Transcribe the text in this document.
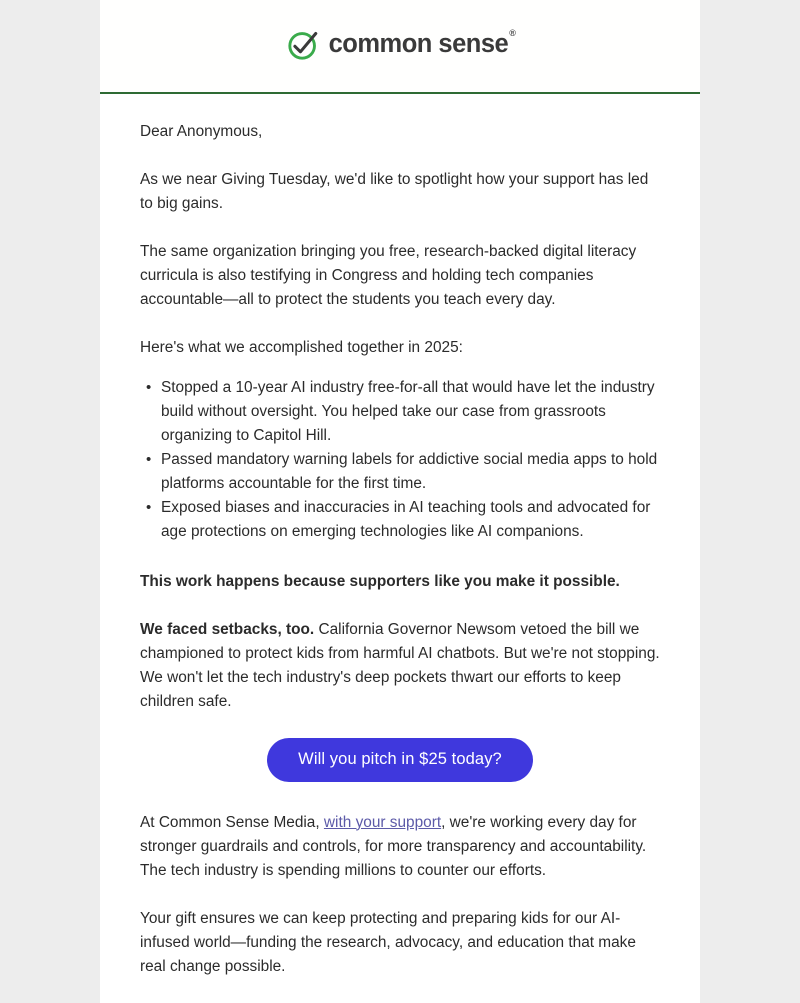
common sense®

Dear Anonymous,

As we near Giving Tuesday, we'd like to spotlight how your support has led to big gains.

The same organization bringing you free, research-backed digital literacy curricula is also testifying in Congress and holding tech companies accountable—all to protect the students you teach every day.

Here's what we accomplished together in 2025:

• Stopped a 10-year AI industry free-for-all that would have let the industry build without oversight. You helped take our case from grassroots organizing to Capitol Hill.
• Passed mandatory warning labels for addictive social media apps to hold platforms accountable for the first time.
• Exposed biases and inaccuracies in AI teaching tools and advocated for age protections on emerging technologies like AI companions.

This work happens because supporters like you make it possible.

We faced setbacks, too. California Governor Newsom vetoed the bill we championed to protect kids from harmful AI chatbots. But we're not stopping. We won't let the tech industry's deep pockets thwart our efforts to keep children safe.

Will you pitch in $25 today?

At Common Sense Media, with your support, we're working every day for stronger guardrails and controls, for more transparency and accountability. The tech industry is spending millions to counter our efforts.

Your gift ensures we can keep protecting and preparing kids for our AI-infused world—funding the research, advocacy, and education that make real change possible.
